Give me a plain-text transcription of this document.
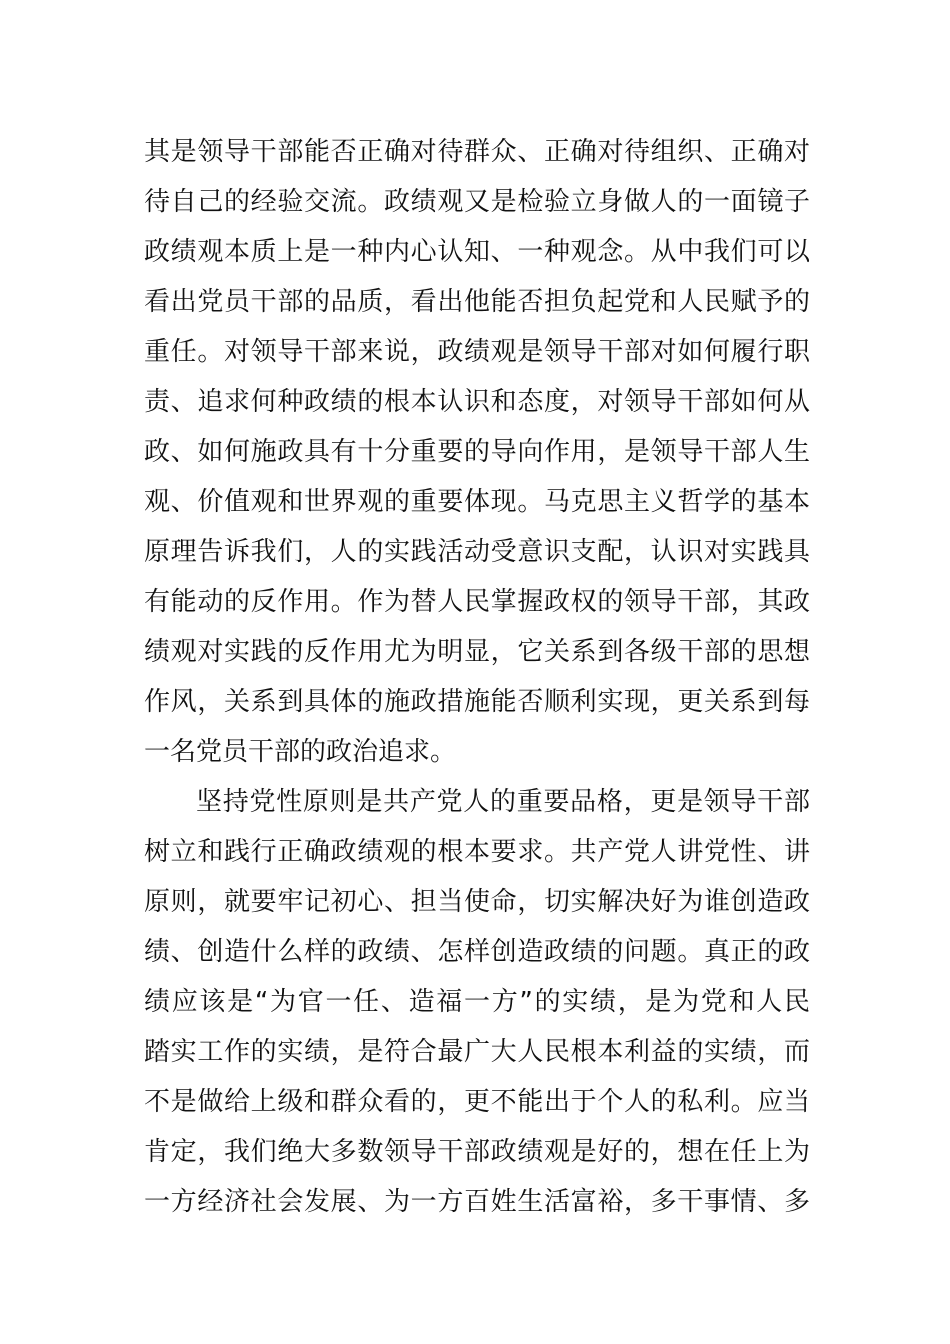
其是领导干部能否正确对待群众、正确对待组织、正确对
待自己的经验交流。政绩观又是检验立身做人的一面镜子
政绩观本质上是一种内心认知、一种观念。从中我们可以
看出党员干部的品质，看出他能否担负起党和人民赋予的
重任。对领导干部来说，政绩观是领导干部对如何履行职
责、追求何种政绩的根本认识和态度，对领导干部如何从
政、如何施政具有十分重要的导向作用，是领导干部人生
观、价值观和世界观的重要体现。马克思主义哲学的基本
原理告诉我们，人的实践活动受意识支配，认识对实践具
有能动的反作用。作为替人民掌握政权的领导干部，其政
绩观对实践的反作用尤为明显，它关系到各级干部的思想
作风，关系到具体的施政措施能否顺利实现，更关系到每
一名党员干部的政治追求。
坚持党性原则是共产党人的重要品格，更是领导干部
树立和践行正确政绩观的根本要求。共产党人讲党性、讲
原则，就要牢记初心、担当使命，切实解决好为谁创造政
绩、创造什么样的政绩、怎样创造政绩的问题。真正的政
绩应该是“为官一任、造福一方”的实绩，是为党和人民
踏实工作的实绩，是符合最广大人民根本利益的实绩，而
不是做给上级和群众看的，更不能出于个人的私利。应当
肯定，我们绝大多数领导干部政绩观是好的，想在任上为
一方经济社会发展、为一方百姓生活富裕，多干事情、多
